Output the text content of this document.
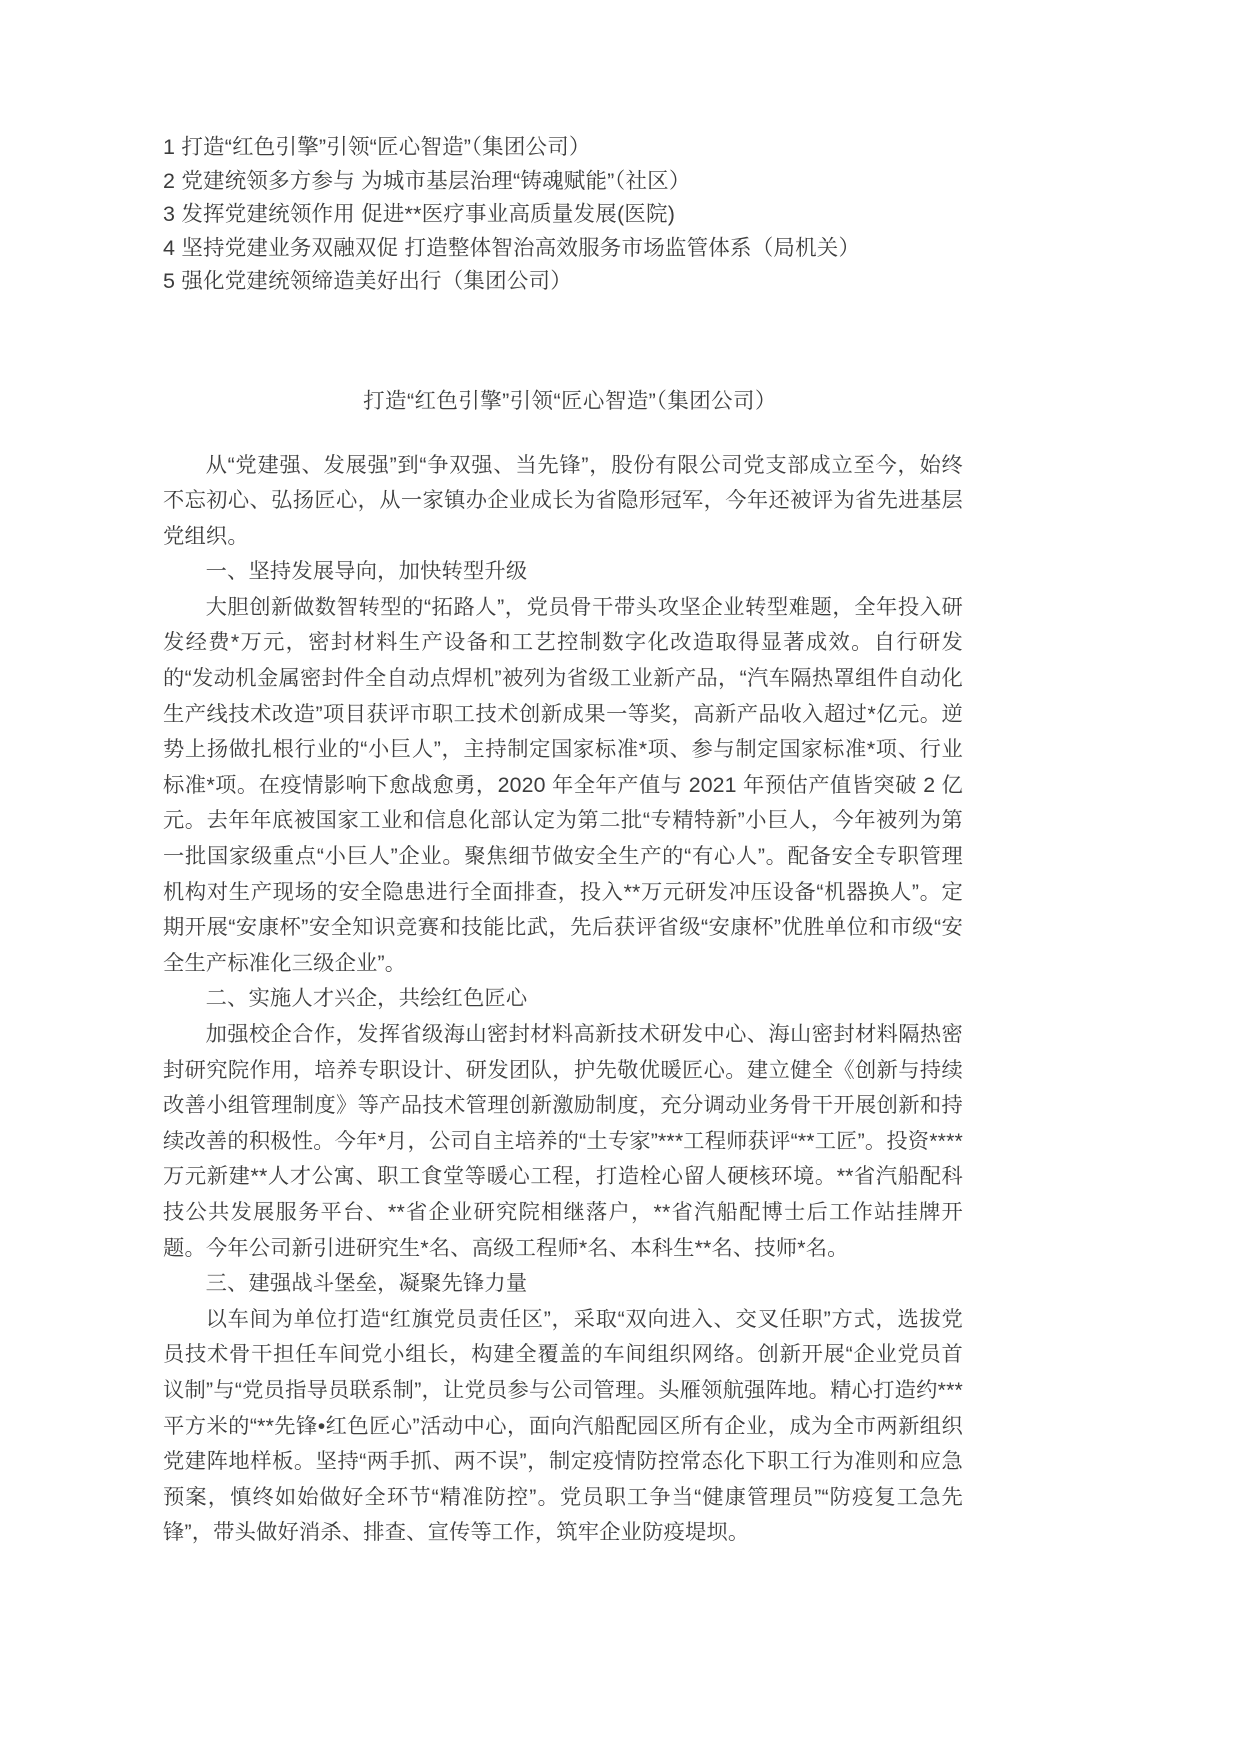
1 打造“红色引擎”引领“匠心智造”（集团公司）
2 党建统领多方参与 为城市基层治理“铸魂赋能”（社区）
3 发挥党建统领作用 促进**医疗事业高质量发展(医院)
4 坚持党建业务双融双促 打造整体智治高效服务市场监管体系（局机关）
5 强化党建统领缔造美好出行（集团公司）
打造“红色引擎”引领“匠心智造”（集团公司）

从“党建强、发展强”到“争双强、当先锋”，股份有限公司党支部成立至今，始终不忘初心、弘扬匠心，从一家镇办企业成长为省隐形冠军，今年还被评为省先进基层党组织。

一、坚持发展导向，加快转型升级

大胆创新做数智转型的“拓路人”，党员骨干带头攻坚企业转型难题，全年投入研发经费*万元，密封材料生产设备和工艺控制数字化改造取得显著成效。自行研发的“发动机金属密封件全自动点焊机”被列为省级工业新产品，“汽车隔热罩组件自动化生产线技术改造”项目获评市职工技术创新成果一等奖，高新产品收入超过*亿元。逆势上扬做扎根行业的“小巨人”，主持制定国家标准*项、参与制定国家标准*项、行业标准*项。在疫情影响下愈战愈勇，2020 年全年产值与 2021 年预估产值皆突破 2 亿元。去年年底被国家工业和信息化部认定为第二批“专精特新”小巨人，今年被列为第一批国家级重点“小巨人”企业。聚焦细节做安全生产的“有心人”。配备安全专职管理机构对生产现场的安全隐患进行全面排查，投入**万元研发冲压设备“机器换人”。定期开展“安康杯”安全知识竞赛和技能比武，先后获评省级“安康杯”优胜单位和市级“安全生产标准化三级企业”。

二、实施人才兴企，共绘红色匠心

加强校企合作，发挥省级海山密封材料高新技术研发中心、海山密封材料隔热密封研究院作用，培养专职设计、研发团队，护先敬优暖匠心。建立健全《创新与持续改善小组管理制度》等产品技术管理创新激励制度，充分调动业务骨干开展创新和持续改善的积极性。今年*月，公司自主培养的“土专家”***工程师获评“**工匠”。投资****万元新建**人才公寓、职工食堂等暖心工程，打造栓心留人硬核环境。**省汽船配科技公共发展服务平台、**省企业研究院相继落户，**省汽船配博士后工作站挂牌开题。今年公司新引进研究生*名、高级工程师*名、本科生**名、技师*名。

三、建强战斗堡垒，凝聚先锋力量

以车间为单位打造“红旗党员责任区”，采取“双向进入、交叉任职”方式，选拔党员技术骨干担任车间党小组长，构建全覆盖的车间组织网络。创新开展“企业党员首议制”与“党员指导员联系制”，让党员参与公司管理。头雁领航强阵地。精心打造约***平方米的“**先锋•红色匠心”活动中心，面向汽船配园区所有企业，成为全市两新组织党建阵地样板。坚持“两手抓、两不误”，制定疫情防控常态化下职工行为准则和应急预案，慎终如始做好全环节“精准防控”。党员职工争当“健康管理员”“防疫复工急先锋”，带头做好消杀、排查、宣传等工作，筑牢企业防疫堤坝。
